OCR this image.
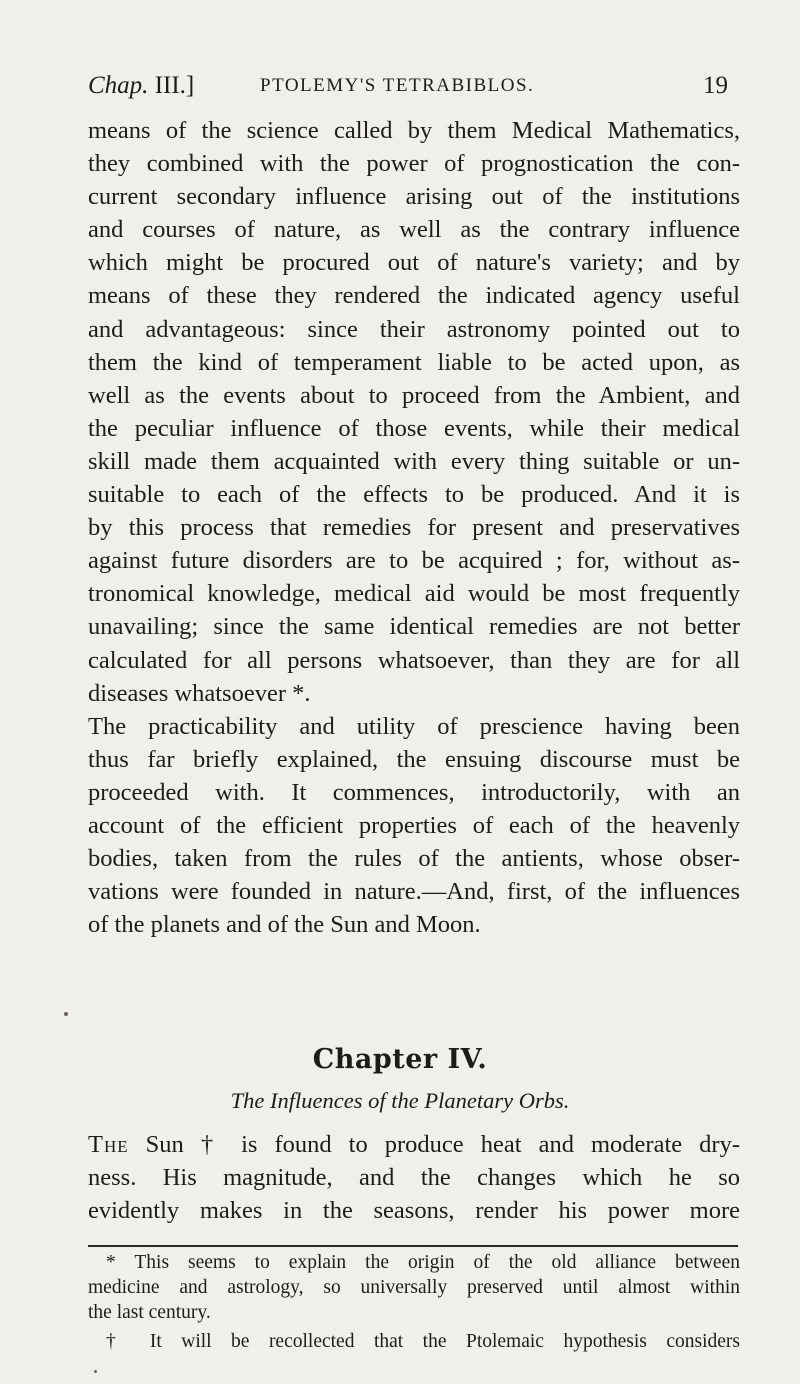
Chap. III.]	PTOLEMY'S TETRABIBLOS.	19
means of the science called by them Medical Mathematics,
they combined with the power of prognostication the con-
current secondary influence arising out of the institutions
and courses of nature, as well as the contrary influence
which might be procured out of nature's variety; and by
means of these they rendered the indicated agency useful
and advantageous: since their astronomy pointed out to
them the kind of temperament liable to be acted upon, as
well as the events about to proceed from the Ambient, and
the peculiar influence of those events, while their medical
skill made them acquainted with every thing suitable or un-
suitable to each of the effects to be produced. And it is
by this process that remedies for present and preservatives
against future disorders are to be acquired ; for, without as-
tronomical knowledge, medical aid would be most frequently
unavailing; since the same identical remedies are not better
calculated for all persons whatsoever, than they are for all
diseases whatsoever *.
The practicability and utility of prescience having been
thus far briefly explained, the ensuing discourse must be
proceeded with. It commences, introductorily, with an
account of the efficient properties of each of the heavenly
bodies, taken from the rules of the antients, whose obser-
vations were founded in nature.—And, first, of the influences
of the planets and of the Sun and Moon.
Chapter IV.
The Influences of the Planetary Orbs.
The Sun † is found to produce heat and moderate dry-
ness. His magnitude, and the changes which he so
evidently makes in the seasons, render his power more
* This seems to explain the origin of the old alliance between
medicine and astrology, so universally preserved until almost within
the last century.
† It will be recollected that the Ptolemaic hypothesis considers
